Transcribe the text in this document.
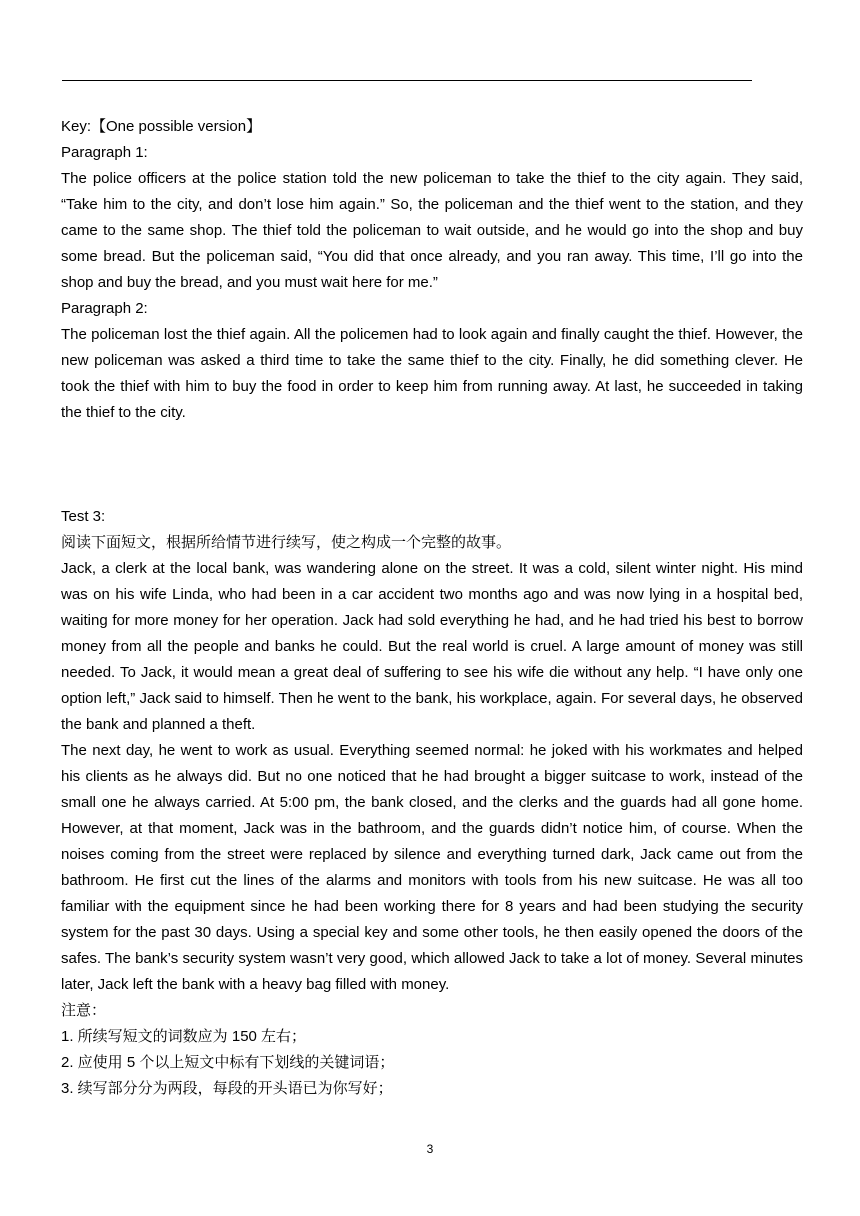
Key:【One possible version】
Paragraph 1:
The police officers at the police station told the new policeman to take the thief to the city again. They said, “Take him to the city, and don’t lose him again.” So, the policeman and the thief went to the station, and they came to the same shop. The thief told the policeman to wait outside, and he would go into the shop and buy some bread. But the policeman said, “You did that once already, and you ran away. This time, I’ll go into the shop and buy the bread, and you must wait here for me.”
Paragraph 2:
The policeman lost the thief again. All the policemen had to look again and finally caught the thief. However, the new policeman was asked a third time to take the same thief to the city. Finally, he did something clever. He took the thief with him to buy the food in order to keep him from running away. At last, he succeeded in taking the thief to the city.
Test 3:
阅读下面短文，根据所给情节进行续写，使之构成一个完整的故事。
Jack, a clerk at the local bank, was wandering alone on the street. It was a cold, silent winter night. His mind was on his wife Linda, who had been in a car accident two months ago and was now lying in a hospital bed, waiting for more money for her operation. Jack had sold everything he had, and he had tried his best to borrow money from all the people and banks he could. But the real world is cruel. A large amount of money was still needed. To Jack, it would mean a great deal of suffering to see his wife die without any help. “I have only one option left,” Jack said to himself. Then he went to the bank, his workplace, again. For several days, he observed the bank and planned a theft.
The next day, he went to work as usual. Everything seemed normal: he joked with his workmates and helped his clients as he always did. But no one noticed that he had brought a bigger suitcase to work, instead of the small one he always carried. At 5:00 pm, the bank closed, and the clerks and the guards had all gone home. However, at that moment, Jack was in the bathroom, and the guards didn’t notice him, of course. When the noises coming from the street were replaced by silence and everything turned dark, Jack came out from the bathroom. He first cut the lines of the alarms and monitors with tools from his new suitcase. He was all too familiar with the equipment since he had been working there for 8 years and had been studying the security system for the past 30 days. Using a special key and some other tools, he then easily opened the doors of the safes. The bank’s security system wasn’t very good, which allowed Jack to take a lot of money. Several minutes later, Jack left the bank with a heavy bag filled with money.
注意：
1. 所续写短文的词数应为 150 左右；
2. 应使用 5 个以上短文中标有下划线的关键词语；
3. 续写部分分为两段，每段的开头语已为你写好；
3
